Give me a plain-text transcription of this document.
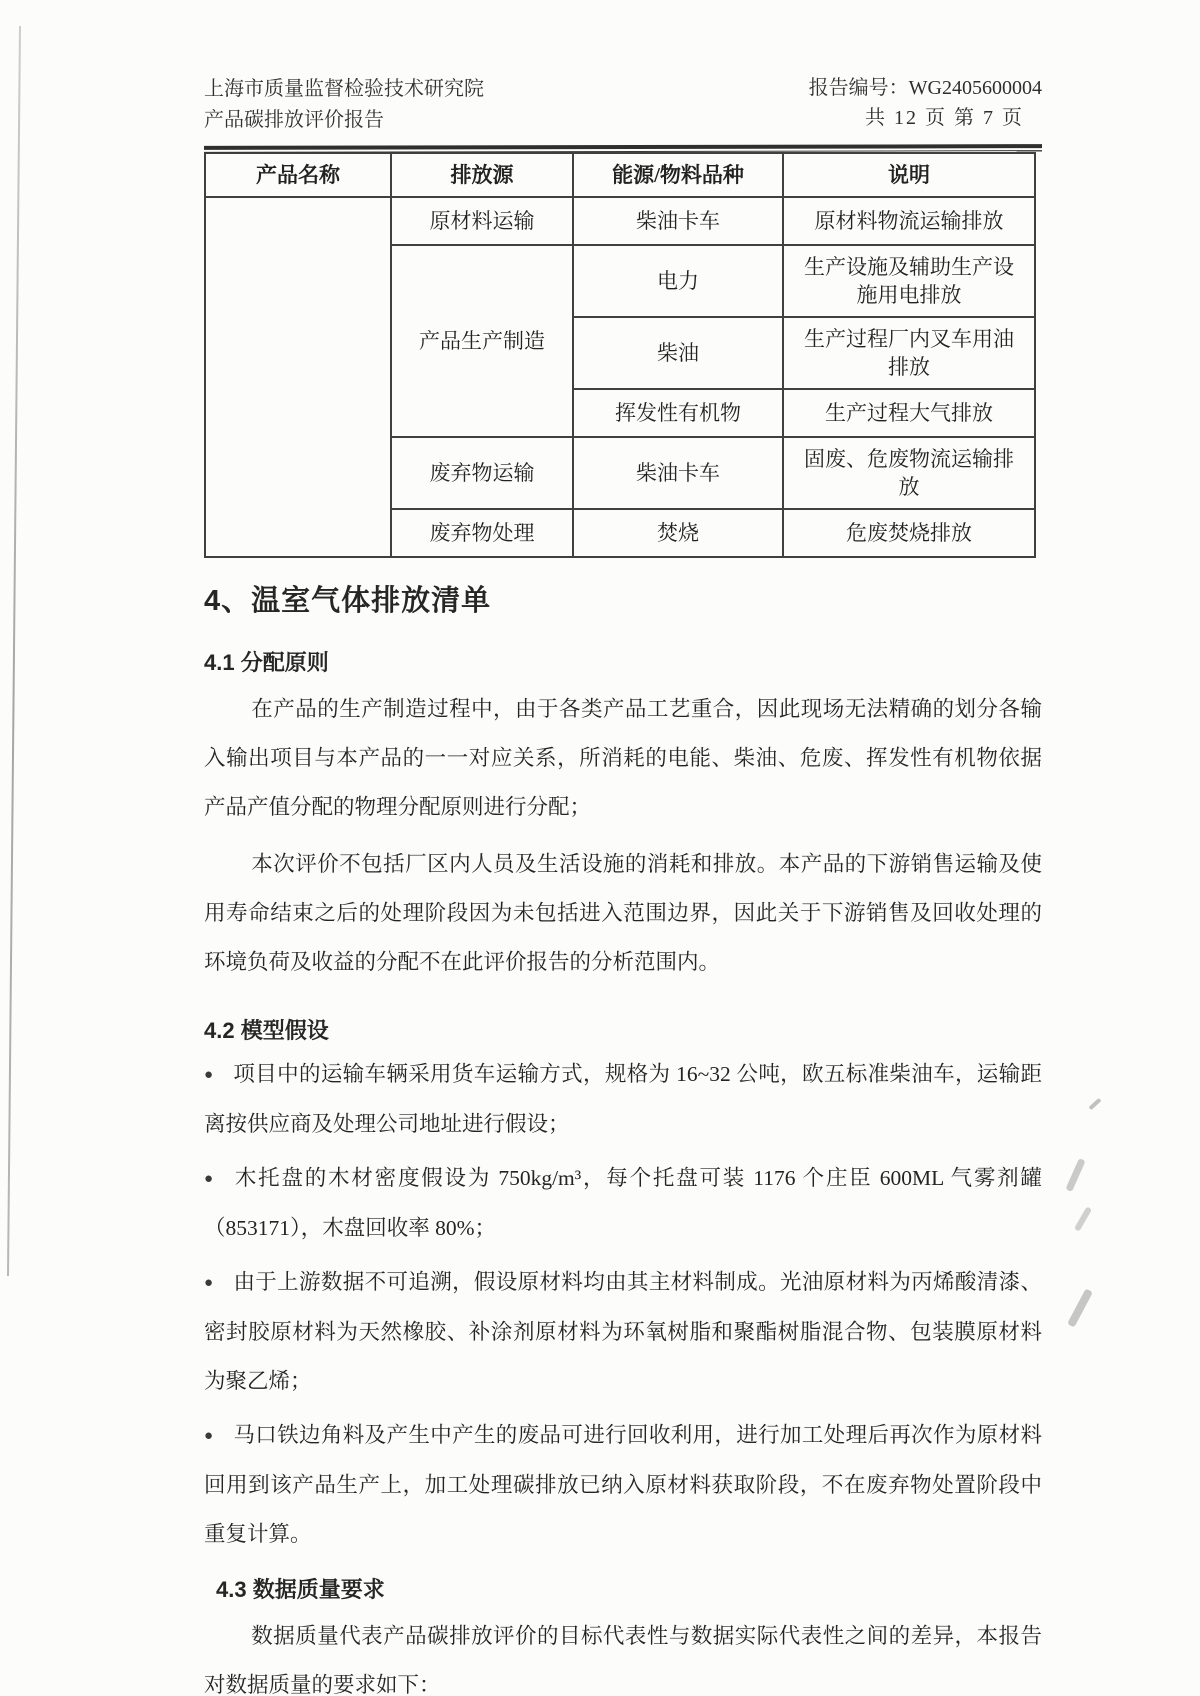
上海市质量监督检验技术研究院
产品碳排放评价报告
报告编号：WG2405600004
共 12 页 第 7 页
产品名称	排放源	能源/物料品种	说明
	原材料运输	柴油卡车	原材料物流运输排放
	产品生产制造	电力	生产设施及辅助生产设施用电排放
		柴油	生产过程厂内叉车用油排放
		挥发性有机物	生产过程大气排放
	废弃物运输	柴油卡车	固废、危废物流运输排放
	废弃物处理	焚烧	危废焚烧排放
4、温室气体排放清单
4.1 分配原则

在产品的生产制造过程中，由于各类产品工艺重合，因此现场无法精确的划分各输入输出项目与本产品的一一对应关系，所消耗的电能、柴油、危废、挥发性有机物依据产品产值分配的物理分配原则进行分配；

本次评价不包括厂区内人员及生活设施的消耗和排放。本产品的下游销售运输及使用寿命结束之后的处理阶段因为未包括进入范围边界，因此关于下游销售及回收处理的环境负荷及收益的分配不在此评价报告的分析范围内。

4.2 模型假设

● 项目中的运输车辆采用货车运输方式，规格为 16~32 公吨，欧五标准柴油车，运输距离按供应商及处理公司地址进行假设；

● 木托盘的木材密度假设为 750kg/m³，每个托盘可装 1176 个庄臣 600ML 气雾剂罐（853171），木盘回收率 80%；

● 由于上游数据不可追溯，假设原材料均由其主材料制成。光油原材料为丙烯酸清漆、密封胶原材料为天然橡胶、补涂剂原材料为环氧树脂和聚酯树脂混合物、包装膜原材料为聚乙烯；

● 马口铁边角料及产生中产生的废品可进行回收利用，进行加工处理后再次作为原材料回用到该产品生产上，加工处理碳排放已纳入原材料获取阶段，不在废弃物处置阶段中重复计算。

4.3 数据质量要求

数据质量代表产品碳排放评价的目标代表性与数据实际代表性之间的差异，本报告对数据质量的要求如下：
